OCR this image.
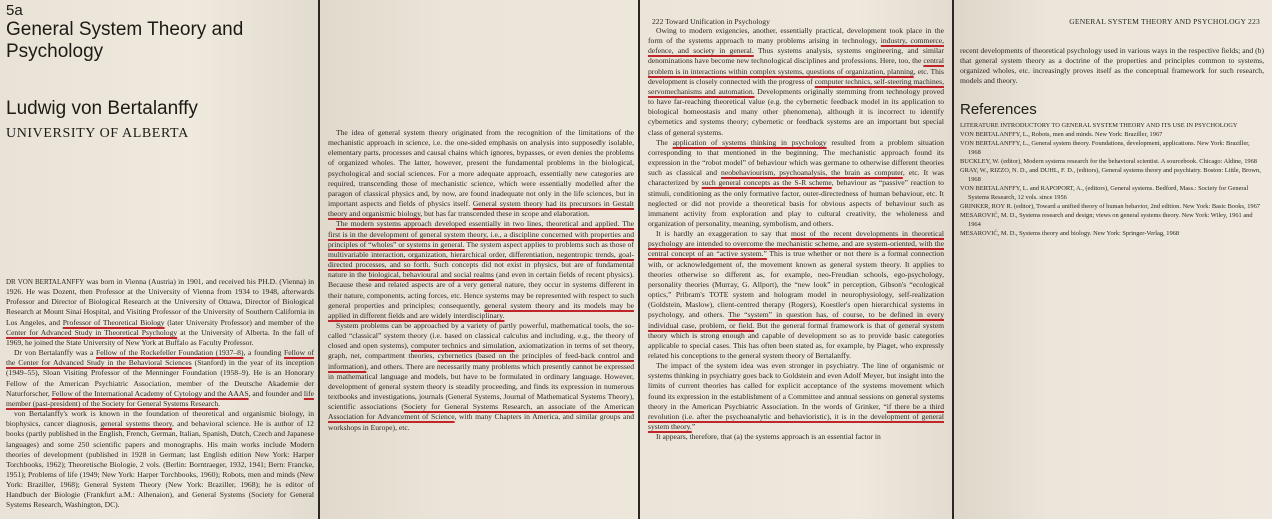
5a
General System Theory and Psychology
Ludwig von Bertalanffy
UNIVERSITY OF ALBERTA

DR VON BERTALANFFY was born in Vienna (Austria) in 1901, and received his PH.D. (Vienna) in 1926. He was Dozent, then Professor at the University of Vienna from 1934 to 1948, afterwards Professor and Director of Biological Research at the University of Ottawa, Director of Biological Research at Mount Sinai Hospital, and Visiting Professor of the University of Southern California in Los Angeles, and Professor of Theoretical Biology (later University Professor) and member of the Center for Advanced Study in Theoretical Psychology at the University of Alberta. In the fall of 1969, he joined the State University of New York at Buffalo as Faculty Professor.

Dr von Bertalanffy was a Fellow of the Rockefeller Foundation (1937–8), a founding Fellow of the Center for Advanced Study in the Behavioral Sciences (Stanford) in the year of its inception (1949–55), Sloan Visiting Professor of the Menninger Foundation (1958–9). He is an Honorary Fellow of the American Psychiatric Association, member of the Deutsche Akademie der Naturforscher, Fellow of the International Academy of Cytology and the AAAS, and founder and life member (past-president) of the Society for General Systems Research.

von Bertalanffy's work is known in the foundation of theoretical and organismic biology, in biophysics, cancer diagnosis, general systems theory, and behavioral science. He is author of 12 books (partly published in the English, French, German, Italian, Spanish, Dutch, Czech and Japanese languages) and some 250 scientific papers and monographs. His main works include Modern theories of development (published in 1928 in German; last English edition New York: Harper Torchbooks, 1962); Theoretische Biologie, 2 vols. (Berlin: Borntraeger, 1932, 1941; Bern: Francke, 1951); Problems of life (1949; New York: Harper Torchbooks, 1960); Robots, men and minds (New York: Braziller, 1968); General System Theory (New York: Braziller, 1968); he is editor of Handbuch der Biologie (Frankfurt a.M.: Alhenaion), and General Systems (Society for General Systems Research, Washington, DC).

The idea of general system theory originated from the recognition of the limitations of the mechanistic approach in science, i.e. the one-sided emphasis on analysis into supposedly isolable, elementary parts, processes and causal chains which ignores, bypasses, or even denies the problems of organized wholes. The latter, however, present the fundamental problems in the biological, psychological and social sciences. For a more adequate approach, essentially new categories are required, transcending those of mechanistic science, which were essentially modelled after the paragon of classical physics and, by now, are found inadequate not only in the life sciences, but in important aspects and fields of physics itself. General system theory had its precursors in Gestalt theory and organismic biology, but has far transcended these in scope and elaboration.

The modern systems approach developed essentially in two lines, theoretical and applied. The first is in the development of general system theory, i.e., a discipline concerned with properties and principles of “wholes” or systems in general. The system aspect applies to problems such as those of multivariable interaction, organization, hierarchical order, differentiation, negentropic trends, goal-directed processes, and so forth. Such concepts did not exist in physics, but are of fundamental nature in the biological, behavioural and social realms (and even in certain fields of recent physics). Because these and related aspects are of a very general nature, they occur in systems different in their nature, components, acting forces, etc. Hence systems may be represented with respect to such general properties and principles; consequently, general system theory and its models may be applied in different fields and are widely interdisciplinary.

System problems can be approached by a variety of partly powerful, mathematical tools, the so-called “classical” system theory (i.e. based on classical calculus and including, e.g., the theory of closed and open systems), computer technics and simulation, axiomatization in terms of set theory, graph, net, compartment theories, cybernetics (based on the principles of feed-back control and information), and others. There are necessarily many problems which presently cannot be expressed in mathematical language and models, but have to be formulated in ordinary language. However, development of general system theory is steadily proceeding, and finds its expression in numerous textbooks and investigations, journals (General Systems, Journal of Mathematical Systems Theory), scientific associations (Society for General Systems Research, an associate of the American Association for Advancement of Science, with many Chapters in America, and similar groups and workshops in Europe), etc.

222 Toward Unification in Psychology

Owing to modern exigencies, another, essentially practical, development took place in the form of the systems approach to many problems arising in technology, industry, commerce, defence, and society in general. Thus systems analysis, systems engineering, and similar denominations have become new technological disciplines and professions. Here, too, the central problem is in interactions within complex systems, questions of organization, planning, etc. This development is closely connected with the progress of computer technics, self-steering machines, servomechanisms and automation. Developments originally stemming from technology proved to have far-reaching theoretical value (e.g. the cybernetic feedback model in its application to biological homeostasis and many other phenomena), although it is incorrect to identify cybernetics and systems theory; cybernetic or feedback systems are an important but special class of general systems.

The application of systems thinking in psychology resulted from a problem situation corresponding to that mentioned in the beginning. The mechanistic approach found its expression in the “robot model” of behaviour which was germane to otherwise different theories such as classical and neobehaviourism, psychoanalysis, the brain as computer, etc. It was characterized by such general concepts as the S-R scheme, behaviour as “passive” reaction to stimuli, conditioning as the only formative factor, outer-directedness of human behaviour, etc. It neglected or did not provide a theoretical basis for obvious aspects of behaviour such as immanent activity from exploration and play to cultural creativity, the wholeness and organization of personality, meaning, symbolism, and others.

It is hardly an exaggeration to say that most of the recent developments in theoretical psychology are intended to overcome the mechanistic scheme, and are system-oriented, with the central concept of an “active system.” This is true whether or not there is a formal connection with, or acknowledgement of, the movement known as general system theory. It applies to theories otherwise so different as, for example, neo-Freudian schools, ego-psychology, personality theories (Murray, G. Allport), the “new look” in perception, Gibson's “ecological optics,” Pribram's TOTE system and hologram model in neurophysiology, self-realization (Goldstein, Maslow), client-centred therapy (Rogers), Koestler's open hierarchical systems in psychology, and others. The “system” in question has, of course, to be defined in every individual case, problem, or field. But the general formal framework is that of general system theory which is strong enough and capable of development so as to provide basic categories applicable to special cases. This has often been stated as, for example, by Piaget, who expressly related his conceptions to the general system theory of Bertalanffy.

The impact of the system idea was even stronger in psychiatry. The line of organismic or systems thinking in psychiatry goes back to Goldstein and even Adolf Meyer, but insight into the limits of current theories has called for explicit acceptance of the systems movement which found its expression in the establishment of a Committee and annual sessions on general systems theory in the American Psychiatric Association. In the words of Grinker, “if there be a third revolution (i.e. after the psychoanalytic and behavioristic), it is in the development of general system theory.”

It appears, therefore, that (a) the systems approach is an essential factor in

GENERAL SYSTEM THEORY AND PSYCHOLOGY 223

recent developments of theoretical psychology used in various ways in the respective fields; and (b) that general system theory as a doctrine of the properties and principles common to systems, organized wholes, etc. increasingly proves itself as the conceptual framework for such research, models and theory.

References
LITERATURE INTRODUCTORY TO GENERAL SYSTEM THEORY AND ITS USE IN PSYCHOLOGY
VON BERTALANFFY, L., Robots, men and minds. New York: Braziller, 1967
VON BERTALANFFY, L., General system theory. Foundations, development, applications. New York: Braziller, 1968
BUCKLEY, W. (editor), Modern systems research for the behavioral scientist. A sourcebook. Chicago: Aldine, 1968
GRAY, W., RIZZO, N. D., and DUHL, F. D., (editors), General systems theory and psychiatry. Boston: Little, Brown, 1968
VON BERTALANFFY, L. and RAPOPORT, A., (editors), General systems. Bedford, Mass.: Society for General Systems Research, 12 vols. since 1956
GRINKER, ROY R. (editor), Toward a unified theory of human behavior, 2nd edition. New York: Basic Books, 1967
MESAROVIĆ, M. D., Systems research and design; views on general systems theory. New York: Wiley, 1961 and 1964
MESAROVIĆ, M. D., Systems theory and biology. New York: Springer-Verlag, 1968
